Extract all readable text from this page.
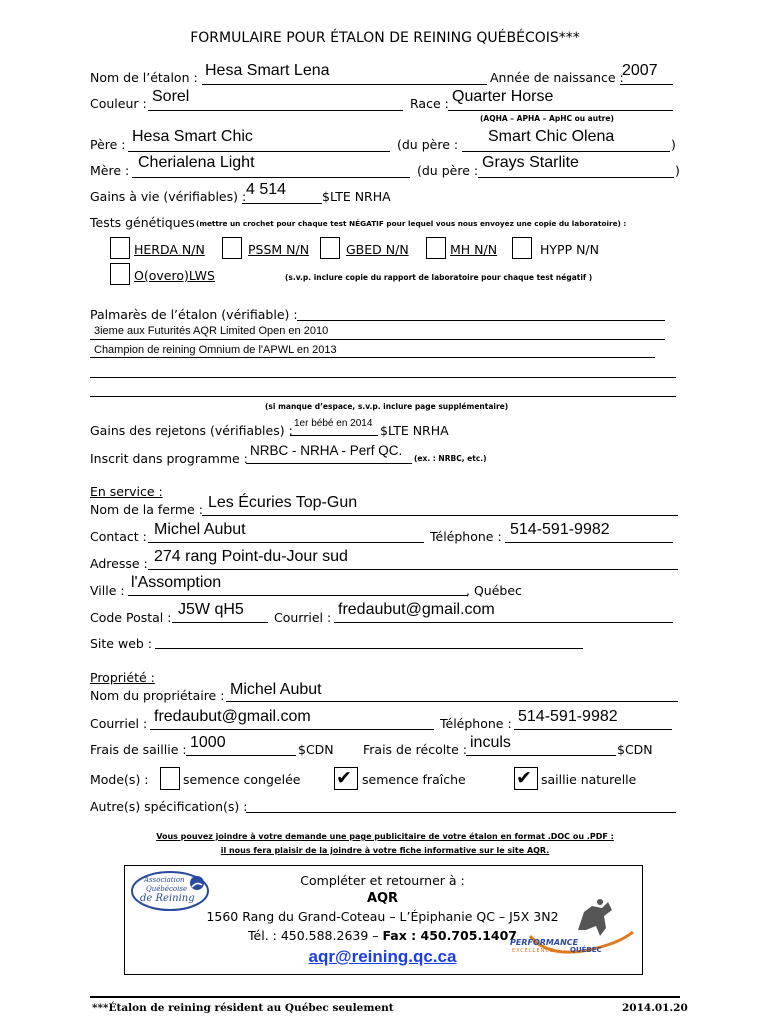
FORMULAIRE POUR ÉTALON DE REINING QUÉBÉCOIS***
Nom de l’étalon : Hesa Smart Lena	Année de naissance :
2007
Couleur : Sorel	Race : Quarter Horse
(AQHA – APHA – ApHC ou autre)
Père : Hesa Smart Chic	(du père : Smart Chic Olena	)
Mère : Cherialena Light	(du père : Grays Starlite	)
Gains à vie (vérifiables) : 4 514	$LTE NRHA
Tests génétiques (mettre un crochet pour chaque test NÉGATIF pour lequel vous nous envoyez une copie du laboratoire) :
HERDA N/N	PSSM N/N	GBED N/N	MH N/N	HYPP N/N
O(overo)LWS	(s.v.p. inclure copie du rapport de laboratoire pour chaque test négatif )
Palmarès de l’étalon (vérifiable) :
3ieme aux Futurités AQR Limited Open en 2010
Champion de reining Omnium de l'APWL en 2013
(si manque d’espace, s.v.p. inclure page supplémentaire)
Gains des rejetons (vérifiables) : 1er bébé en 2014 $LTE NRHA
Inscrit dans programme :
NRBC - NRHA - Perf QC.
(ex. : NRBC, etc.)
En service :
Nom de la ferme : Les Écuries Top-Gun
Contact : Michel Aubut	Téléphone : 514-591-9982
Adresse : 274 rang Point-du-Jour sud
Ville : l'Assomption	, Québec
Code Postal : J5W qH5 Courriel : fredaubut@gmail.com
Site web :
Propriété :
Nom du propriétaire : Michel Aubut
Courriel : fredaubut@gmail.com	Téléphone : 514-591-9982
Frais de saillie : 1000	$CDN Frais de récolte : inculs	$CDN
Mode(s) :	semence congelée ✔ semence fraîche	✔ saillie naturelle
Autre(s) spécification(s) :
Vous pouvez joindre à votre demande une page publicitaire de votre étalon en format .DOC ou .PDF :
il nous fera plaisir de la joindre à votre fiche informative sur le site AQR.
Association
Québécoise
de Reining
Compléter et retourner à :
AQR
1560 Rang du Grand-Coteau – L’Épiphanie QC – J5X 3N2
Tél. : 450.588.2639 – Fax : 450.705.1407
aqr@reining.qc.ca
PERFORMANCE
EXCELLENCE QUÉBEC
***Étalon de reining résident au Québec seulement	2014.01.20
